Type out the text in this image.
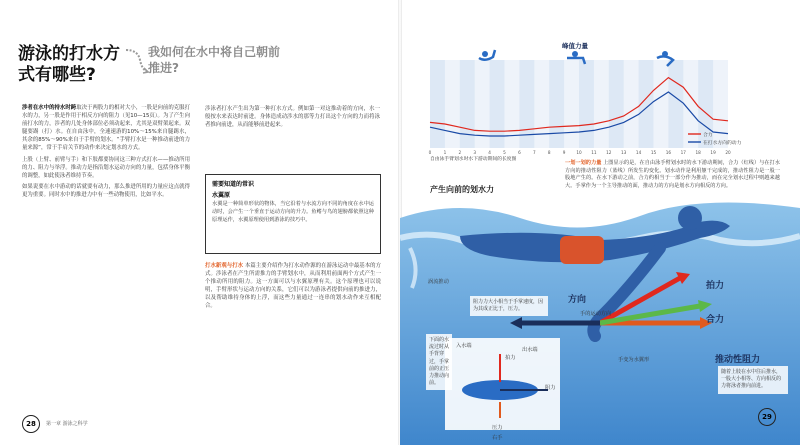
游泳的打水方式有哪些?
我如何在水中将自己朝前推进?

涉者在水中的持水时跨取决于两股力的相对大小，一股是向前的克服打水的力，另一股是作用于相反方向的阻力（见10—15页）。为了产生向前打水的力，涉者的几处身体部位必须动起来，尤其是双臂架起来。双腿要踢（打）水。在自由泳中，全速速游的10%～15%来自腿踢水，其余的85%～90%来自于手臂的划水。“手臂打水是一种推动前进的力量来源”，常于手肩关节的动作来决定划水的方式。

上股（上臂、前臂与手）和下肢都要协同这三种方式打水——推动所用的力、阻力与举浮。推动力是指沿划水运动方向的力量，包括身体平衡的调整，如此使泳者维持节奏。

如果说要在水中游动的话就要有动力，那么推进所用的力量应这点就得更为重要。同时水中的推进力中有一些动物使用，比如平水。

涉泳者打水产生出为第一种打水方式。例如第一对这推动着的方向，水一般按水来表达时前进。身体造成动涉水的那等力打出这个方向的力而将泳者推向前进，从而能够前进起来。

需要知道的常识
水翼原
水翼是一种简单形状的物体，当它沿着与水流方向不同的角度在水中运动时，会产生一个垂直于运动方向的升力。鱼鳍与鸟的翅膀都依照这种原理运作，水翼原理使用到游泳的技巧中。

打水新观与打水 本篇主要介绍作为打水动作源的在游泳运动中最基本的方式。涉泳者在产生所需推力的手臂划水中，从而利用前面两个方式产生一个推动所用的阻力。这一方面可以与水翼原理有关。这个原理也可以说明，手臂形状与运动方向的关系，它们可以为游泳者提供向前的推进力，以及帮助维持身体的上浮，而这些力量通过一连串的划水动作来互相配合。

28	第一章 游泳之科学
峰值力量
0	1	2	3	4	5	6	7	8	9	10 11 12 13 14 15 16 17 18 19 20
自由泳手臂划水时水下游动期间的长度图
合力
在打水方向的动力
一划一划的力量 上图显示的是，在自由泳手臂划水时的水下游动期间，合力（红线）与在打水方向的推动性阻力（蓝线）所发生的变化。划水动作是利用躯干完成的，推动性阻力是一股一股地产生的。在水下游动之前，合力约相当于一部分作为推动，而在完全划水过程中则越来越大。手掌作为一个主导推动的面，推动力的方向是划水方向相反的方向。
产生向前的划水力
涡流推动
阻力力大小相当于手掌速度，因为其成正比于，压力。
方向
手的运动方向
拍力
合力
推动性阻力
随着上肢在水中往后推水，一股大小相等、方向相反的力将泳者推向前进。
手变为水翼形
下面的水流过时从手背穿过，手掌前的正压力推动向前。
入水端
出水端
拍力
阻力
压力
右手
29
